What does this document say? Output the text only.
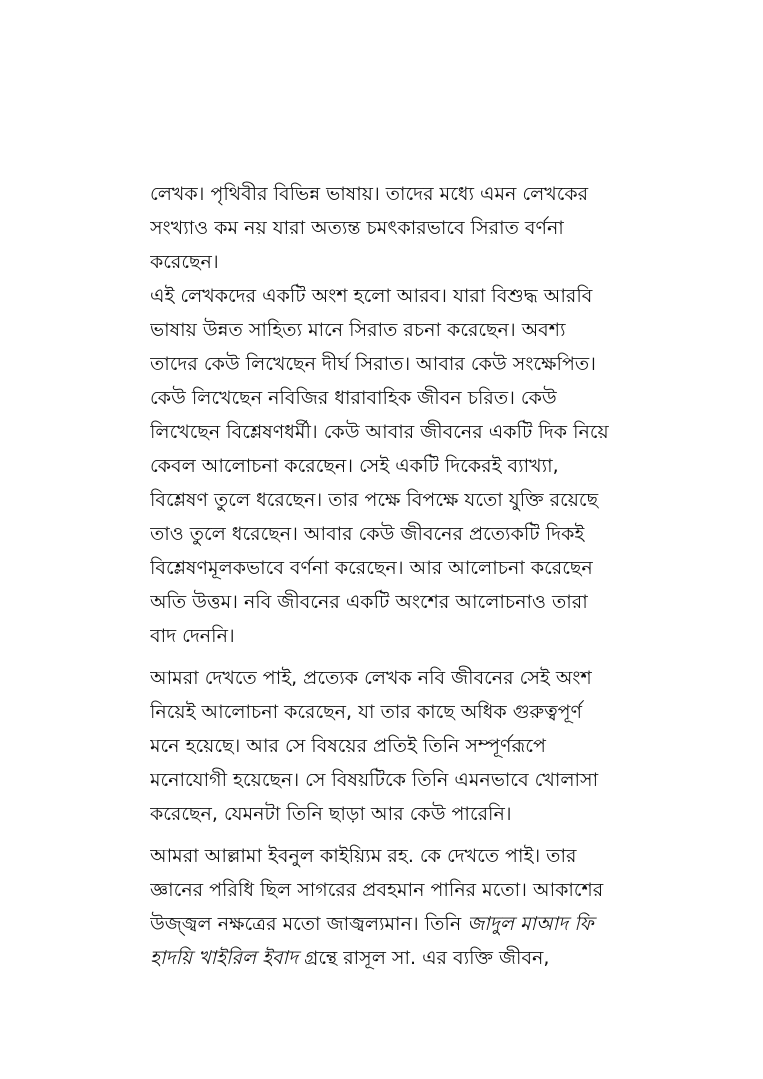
লেখক। পৃথিবীর বিভিন্ন ভাষায়। তাদের মধ্যে এমন লেখকের
সংখ্যাও কম নয় যারা অত্যন্ত চমৎকারভাবে সিরাত বর্ণনা
করেছেন।

এই লেখকদের একটি অংশ হলো আরব। যারা বিশুদ্ধ আরবি
ভাষায় উন্নত সাহিত্য মানে সিরাত রচনা করেছেন। অবশ্য
তাদের কেউ লিখেছেন দীর্ঘ সিরাত। আবার কেউ সংক্ষেপিত।
কেউ লিখেছেন নবিজির ধারাবাহিক জীবন চরিত। কেউ
লিখেছেন বিশ্লেষণধর্মী। কেউ আবার জীবনের একটি দিক নিয়ে
কেবল আলোচনা করেছেন। সেই একটি দিকেরই ব্যাখ্যা,
বিশ্লেষণ তুলে ধরেছেন। তার পক্ষে বিপক্ষে যতো যুক্তি রয়েছে
তাও তুলে ধরেছেন। আবার কেউ জীবনের প্রত্যেকটি দিকই
বিশ্লেষণমূলকভাবে বর্ণনা করেছেন। আর আলোচনা করেছেন
অতি উত্তম। নবি জীবনের একটি অংশের আলোচনাও তারা
বাদ দেননি।

আমরা দেখতে পাই, প্রত্যেক লেখক নবি জীবনের সেই অংশ
নিয়েই আলোচনা করেছেন, যা তার কাছে অধিক গুরুত্বপূর্ণ
মনে হয়েছে। আর সে বিষয়ের প্রতিই তিনি সম্পূর্ণরূপে
মনোযোগী হয়েছেন। সে বিষয়টিকে তিনি এমনভাবে খোলাসা
করেছেন, যেমনটা তিনি ছাড়া আর কেউ পারেনি।

আমরা আল্লামা ইবনুল কাইয়্যিম রহ. কে দেখতে পাই। তার
জ্ঞানের পরিধি ছিল সাগরের প্রবহমান পানির মতো। আকাশের
উজ্জ্বল নক্ষত্রের মতো জাজ্বল্যমান। তিনি জাদুল মাআদ ফি
হাদয়ি খাইরিল ইবাদ গ্রন্থে রাসূল সা. এর ব্যক্তি জীবন,
